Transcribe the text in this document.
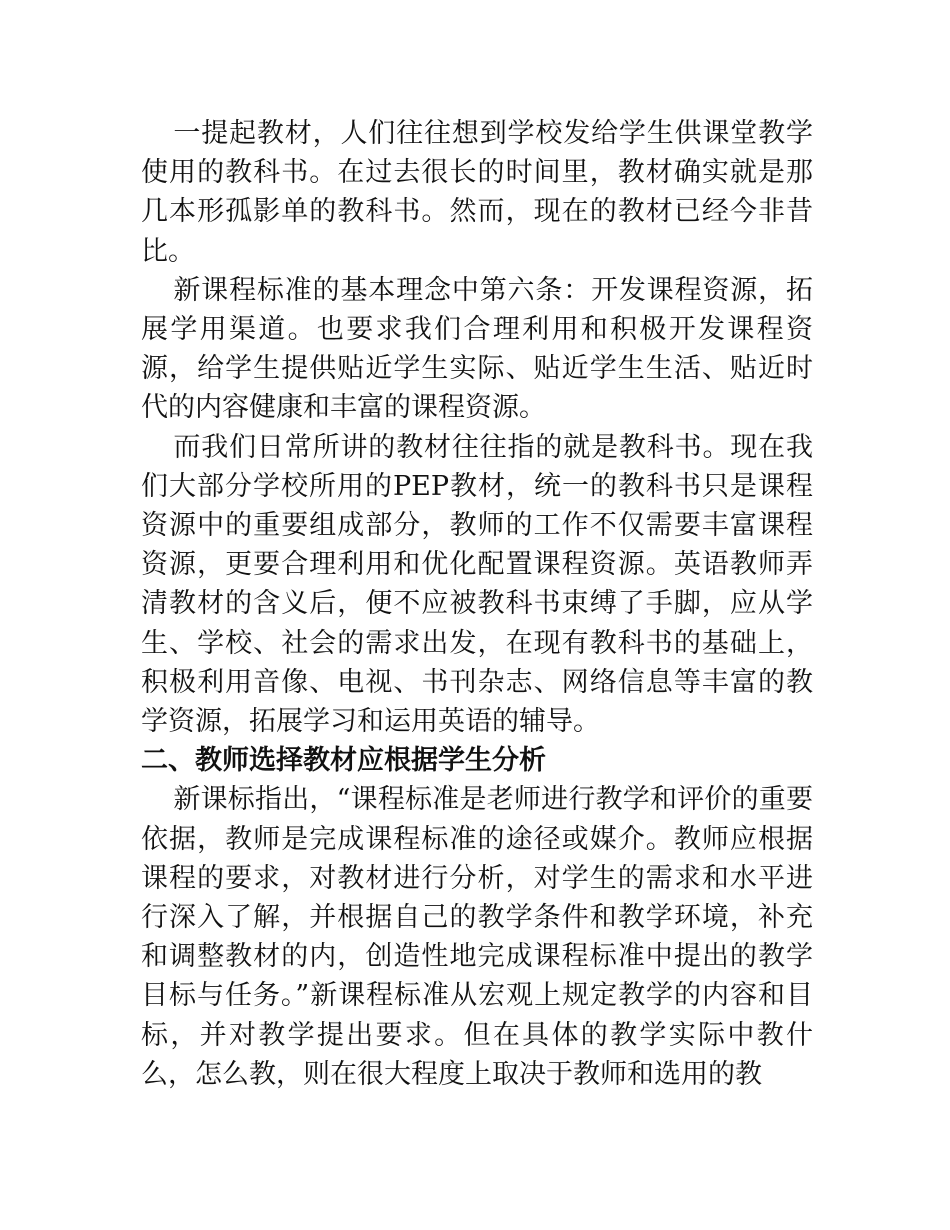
一提起教材，人们往往想到学校发给学生供课堂教学使用的教科书。在过去很长的时间里，教材确实就是那几本形孤影单的教科书。然而，现在的教材已经今非昔比。

新课程标准的基本理念中第六条：开发课程资源，拓展学用渠道。也要求我们合理利用和积极开发课程资源，给学生提供贴近学生实际、贴近学生生活、贴近时代的内容健康和丰富的课程资源。

而我们日常所讲的教材往往指的就是教科书。现在我们大部分学校所用的PEP教材，统一的教科书只是课程资源中的重要组成部分，教师的工作不仅需要丰富课程资源，更要合理利用和优化配置课程资源。英语教师弄清教材的含义后，便不应被教科书束缚了手脚，应从学生、学校、社会的需求出发，在现有教科书的基础上，积极利用音像、电视、书刊杂志、网络信息等丰富的教学资源，拓展学习和运用英语的辅导。

二、教师选择教材应根据学生分析

新课标指出，“课程标准是老师进行教学和评价的重要依据，教师是完成课程标准的途径或媒介。教师应根据课程的要求，对教材进行分析，对学生的需求和水平进行深入了解，并根据自己的教学条件和教学环境，补充和调整教材的内，创造性地完成课程标准中提出的教学目标与任务。”新课程标准从宏观上规定教学的内容和目标，并对教学提出要求。但在具体的教学实际中教什么，怎么教，则在很大程度上取决于教师和选用的教
